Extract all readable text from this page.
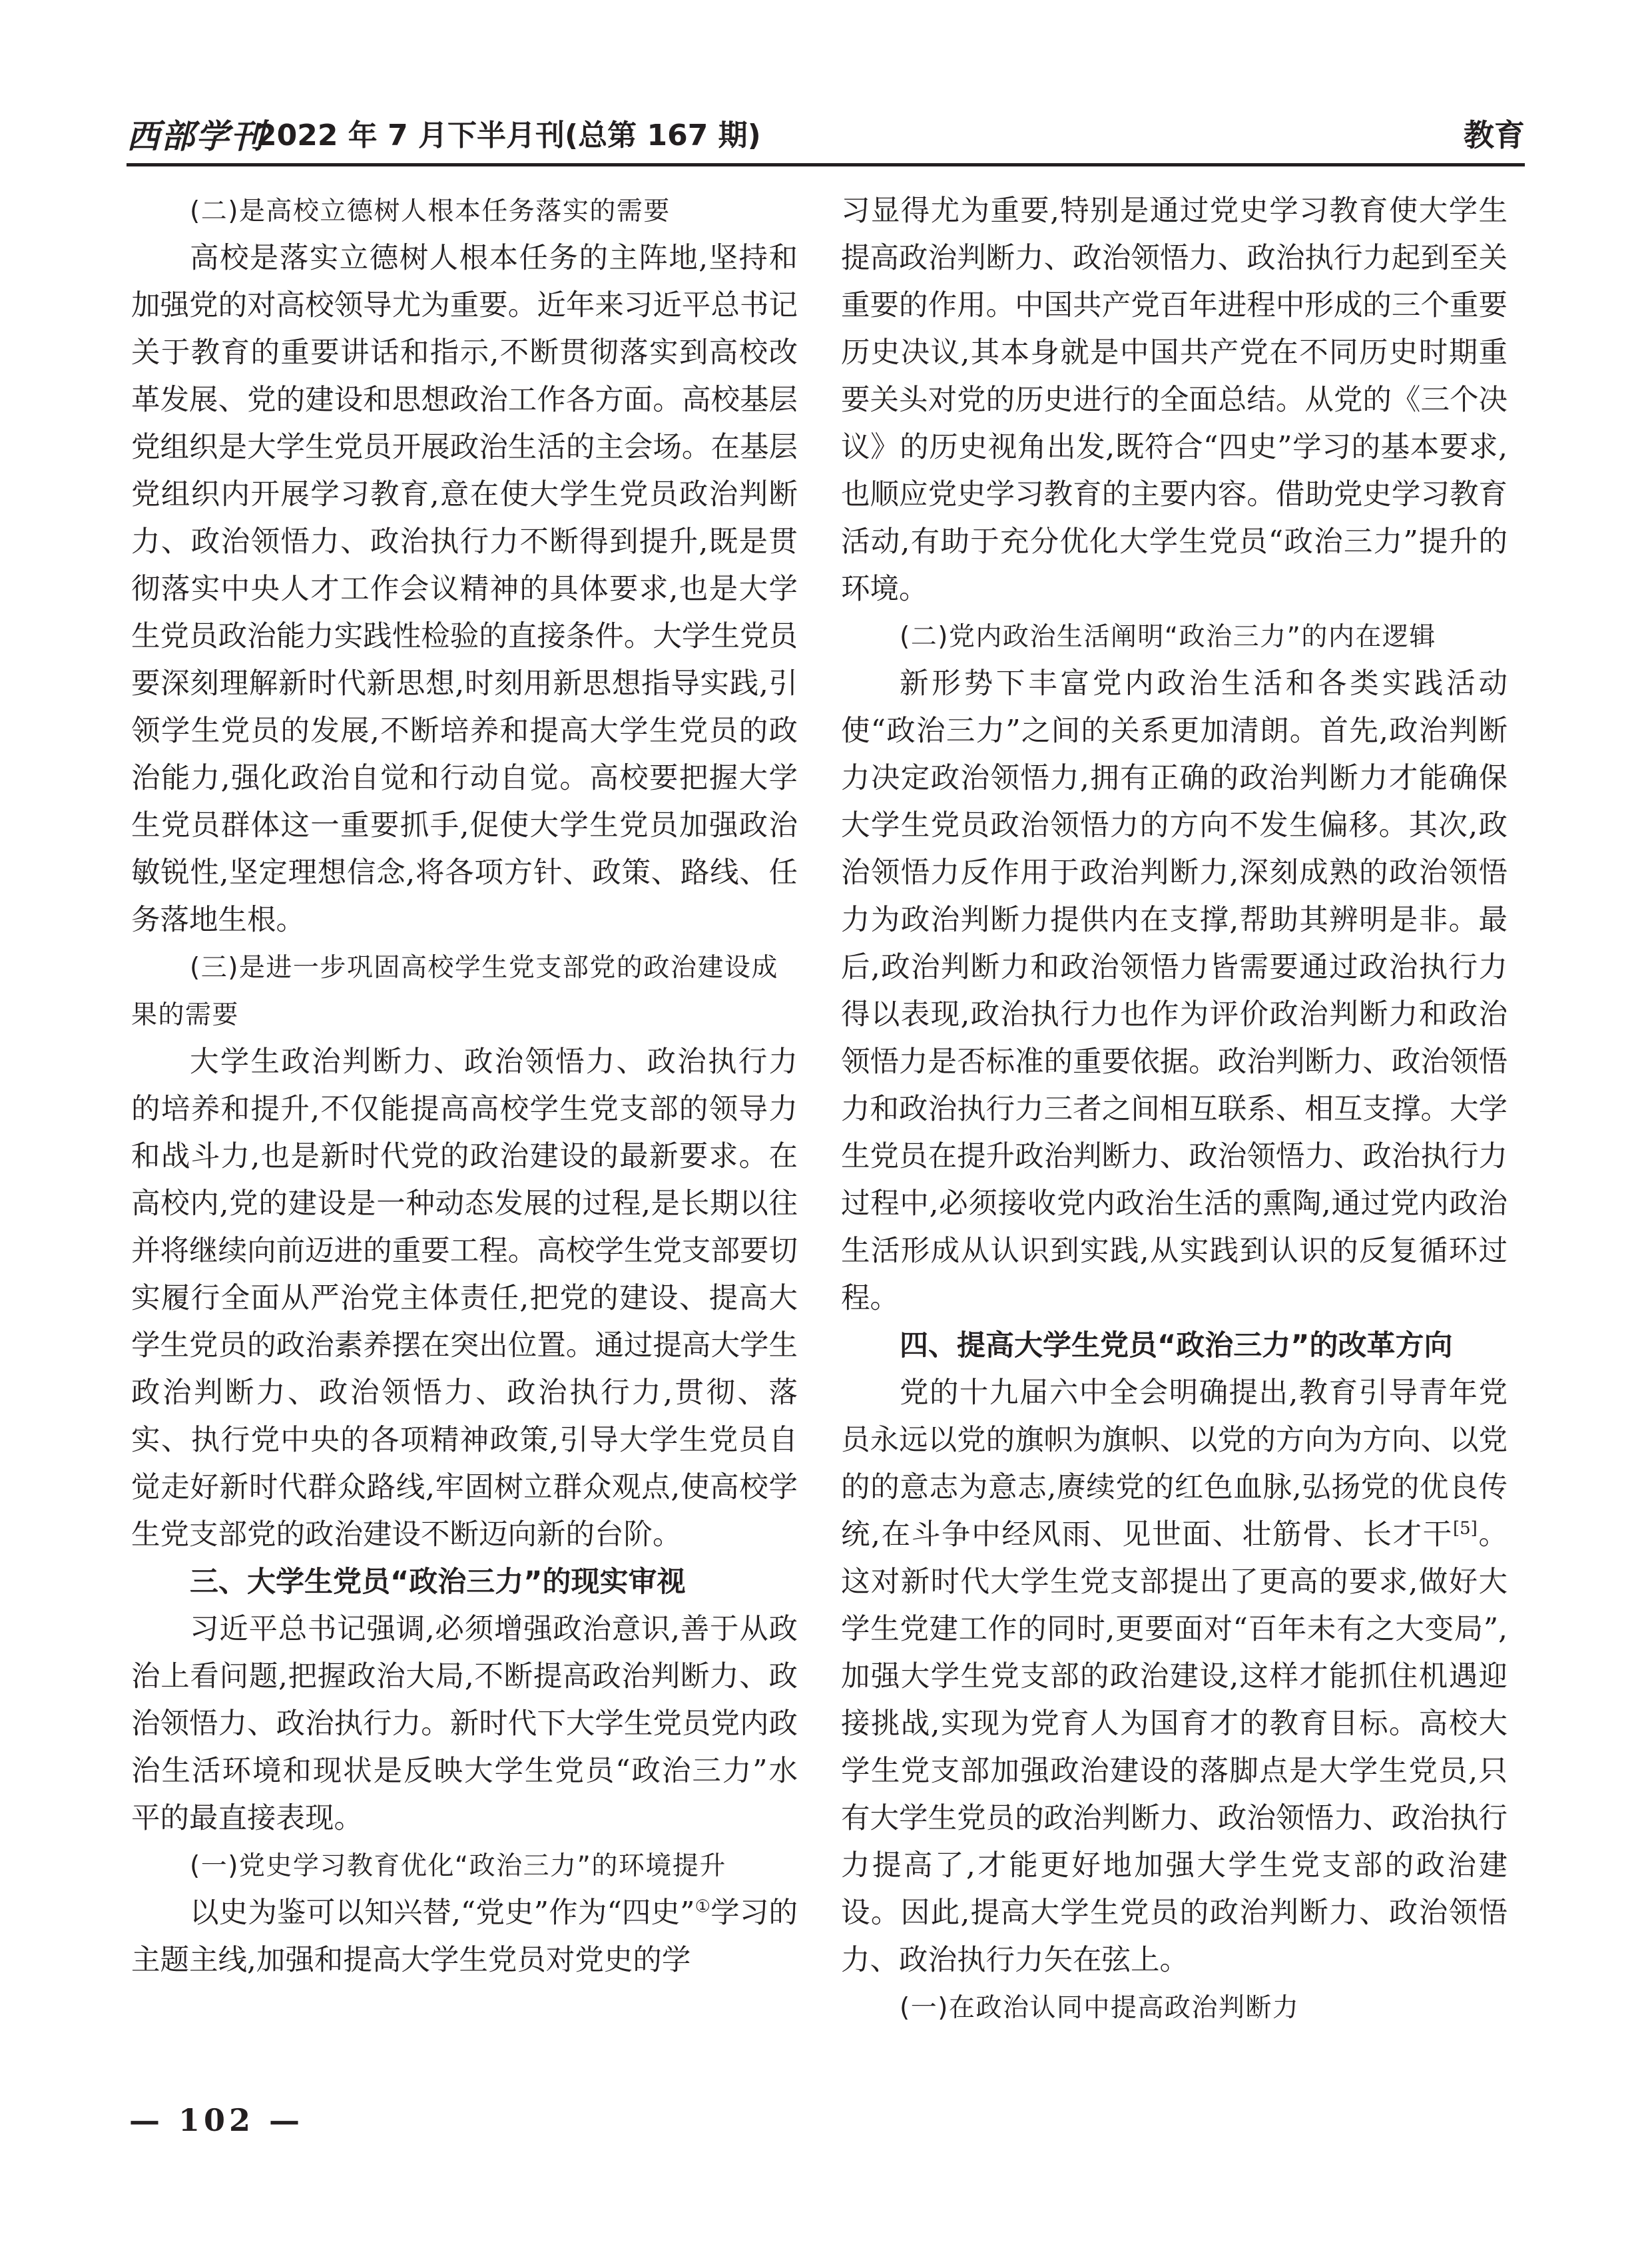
西部学刊
2022 年 7 月下半月刊(总第 167 期)	教育

(二)是高校立德树人根本任务落实的需要

高校是落实立德树人根本任务的主阵地,坚持和加强党的对高校领导尤为重要。近年来习近平总书记关于教育的重要讲话和指示,不断贯彻落实到高校改革发展、党的建设和思想政治工作各方面。高校基层党组织是大学生党员开展政治生活的主会场。在基层党组织内开展学习教育,意在使大学生党员政治判断力、政治领悟力、政治执行力不断得到提升,既是贯彻落实中央人才工作会议精神的具体要求,也是大学生党员政治能力实践性检验的直接条件。大学生党员要深刻理解新时代新思想,时刻用新思想指导实践,引领学生党员的发展,不断培养和提高大学生党员的政治能力,强化政治自觉和行动自觉。高校要把握大学生党员群体这一重要抓手,促使大学生党员加强政治敏锐性,坚定理想信念,将各项方针、政策、路线、任务落地生根。

(三)是进一步巩固高校学生党支部党的政治建设成果的需要

大学生政治判断力、政治领悟力、政治执行力的培养和提升,不仅能提高高校学生党支部的领导力和战斗力,也是新时代党的政治建设的最新要求。在高校内,党的建设是一种动态发展的过程,是长期以往并将继续向前迈进的重要工程。高校学生党支部要切实履行全面从严治党主体责任,把党的建设、提高大学生党员的政治素养摆在突出位置。通过提高大学生政治判断力、政治领悟力、政治执行力,贯彻、落实、执行党中央的各项精神政策,引导大学生党员自觉走好新时代群众路线,牢固树立群众观点,使高校学生党支部党的政治建设不断迈向新的台阶。

三、大学生党员“政治三力”的现实审视

习近平总书记强调,必须增强政治意识,善于从政治上看问题,把握政治大局,不断提高政治判断力、政治领悟力、政治执行力。新时代下大学生党员党内政治生活环境和现状是反映大学生党员“政治三力”水平的最直接表现。

(一)党史学习教育优化“政治三力”的环境提升

以史为鉴可以知兴替,“党史”作为“四史”①学习的主题主线,加强和提高大学生党员对党史的学

习显得尤为重要,特别是通过党史学习教育使大学生提高政治判断力、政治领悟力、政治执行力起到至关重要的作用。中国共产党百年进程中形成的三个重要历史决议,其本身就是中国共产党在不同历史时期重要关头对党的历史进行的全面总结。从党的《三个决议》的历史视角出发,既符合“四史”学习的基本要求,也顺应党史学习教育的主要内容。借助党史学习教育活动,有助于充分优化大学生党员“政治三力”提升的环境。

(二)党内政治生活阐明“政治三力”的内在逻辑

新形势下丰富党内政治生活和各类实践活动使“政治三力”之间的关系更加清朗。首先,政治判断力决定政治领悟力,拥有正确的政治判断力才能确保大学生党员政治领悟力的方向不发生偏移。其次,政治领悟力反作用于政治判断力,深刻成熟的政治领悟力为政治判断力提供内在支撑,帮助其辨明是非。最后,政治判断力和政治领悟力皆需要通过政治执行力得以表现,政治执行力也作为评价政治判断力和政治领悟力是否标准的重要依据。政治判断力、政治领悟力和政治执行力三者之间相互联系、相互支撑。大学生党员在提升政治判断力、政治领悟力、政治执行力过程中,必须接收党内政治生活的熏陶,通过党内政治生活形成从认识到实践,从实践到认识的反复循环过程。

四、提高大学生党员“政治三力”的改革方向

党的十九届六中全会明确提出,教育引导青年党员永远以党的旗帜为旗帜、以党的方向为方向、以党的的意志为意志,赓续党的红色血脉,弘扬党的优良传统,在斗争中经风雨、见世面、壮筋骨、长才干[5]。这对新时代大学生党支部提出了更高的要求,做好大学生党建工作的同时,更要面对“百年未有之大变局”,加强大学生党支部的政治建设,这样才能抓住机遇迎接挑战,实现为党育人为国育才的教育目标。高校大学生党支部加强政治建设的落脚点是大学生党员,只有大学生党员的政治判断力、政治领悟力、政治执行力提高了,才能更好地加强大学生党支部的政治建设。因此,提高大学生党员的政治判断力、政治领悟力、政治执行力矢在弦上。

(一)在政治认同中提高政治判断力

— 102 —
